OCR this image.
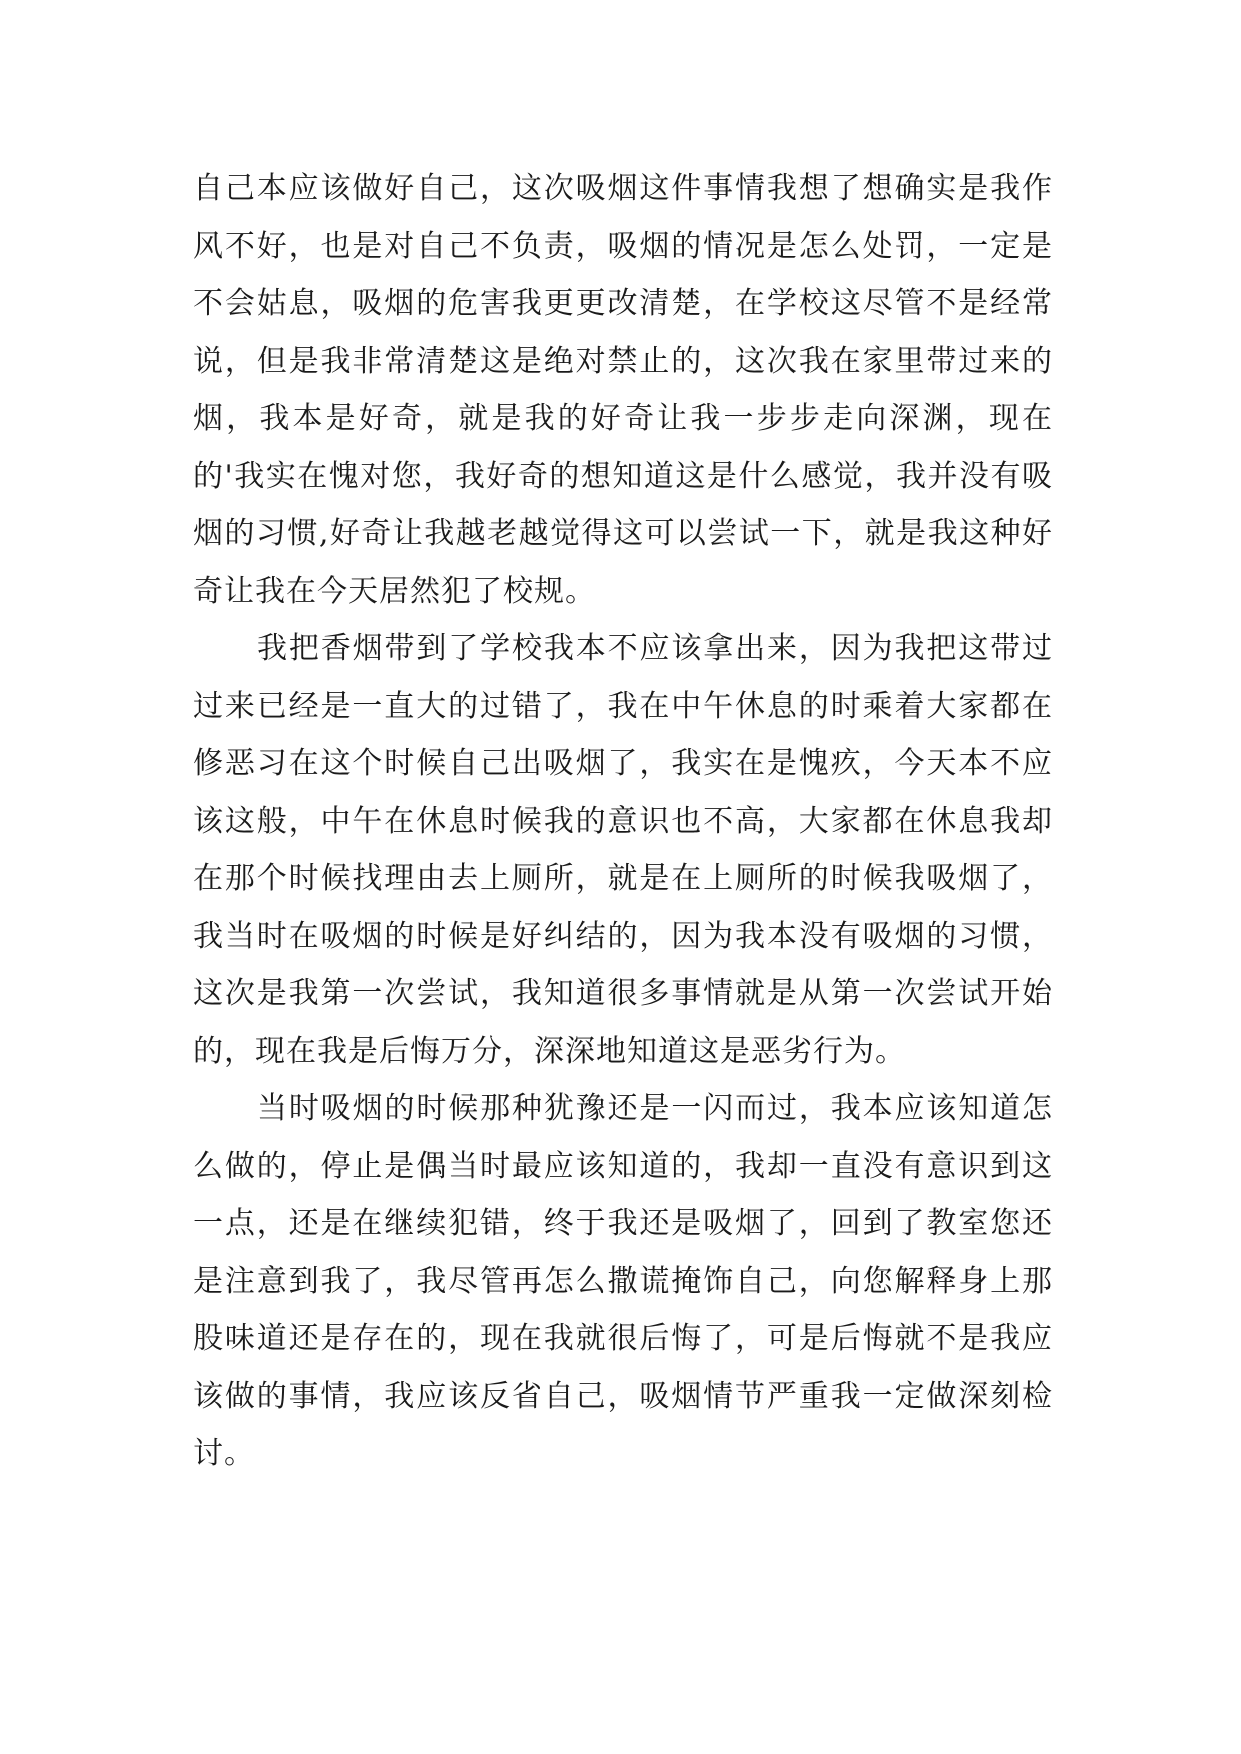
自己本应该做好自己，这次吸烟这件事情我想了想确实是我作风不好，也是对自己不负责，吸烟的情况是怎么处罚，一定是不会姑息，吸烟的危害我更更改清楚，在学校这尽管不是经常说，但是我非常清楚这是绝对禁止的，这次我在家里带过来的烟，我本是好奇，就是我的好奇让我一步步走向深渊，现在的'我实在愧对您，我好奇的想知道这是什么感觉，我并没有吸烟的习惯,好奇让我越老越觉得这可以尝试一下，就是我这种好奇让我在今天居然犯了校规。

我把香烟带到了学校我本不应该拿出来，因为我把这带过过来已经是一直大的过错了，我在中午休息的时乘着大家都在修恶习在这个时候自己出吸烟了，我实在是愧疚，今天本不应该这般，中午在休息时候我的意识也不高，大家都在休息我却在那个时候找理由去上厕所，就是在上厕所的时候我吸烟了，我当时在吸烟的时候是好纠结的，因为我本没有吸烟的习惯，这次是我第一次尝试，我知道很多事情就是从第一次尝试开始的，现在我是后悔万分，深深地知道这是恶劣行为。

当时吸烟的时候那种犹豫还是一闪而过，我本应该知道怎么做的，停止是偶当时最应该知道的，我却一直没有意识到这一点，还是在继续犯错，终于我还是吸烟了，回到了教室您还是注意到我了，我尽管再怎么撒谎掩饰自己，向您解释身上那股味道还是存在的，现在我就很后悔了，可是后悔就不是我应该做的事情，我应该反省自己，吸烟情节严重我一定做深刻检讨。
